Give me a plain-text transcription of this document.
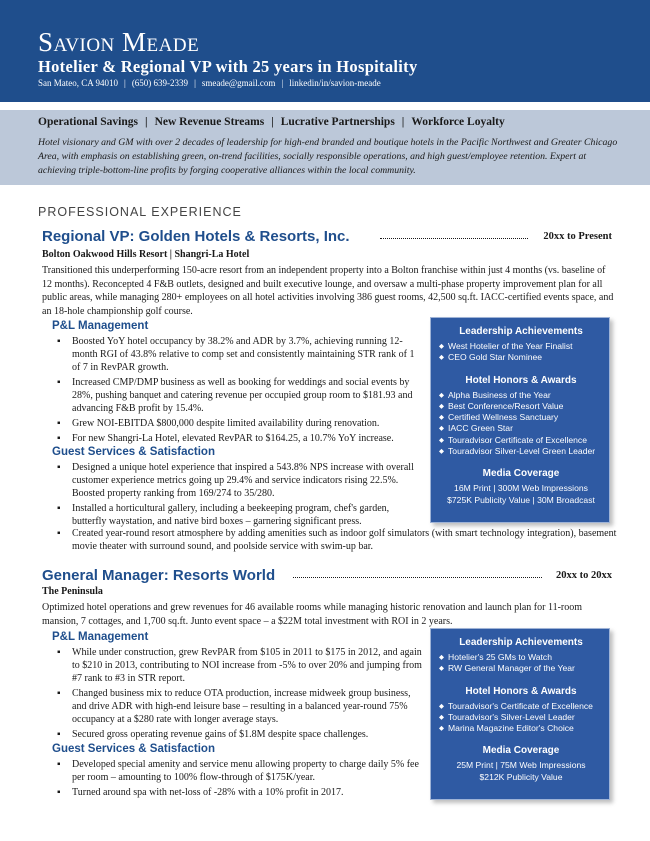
Savion Meade
Hotelier & Regional VP with 25 years in Hospitality
San Mateo, CA 94010 | (650) 639-2339 | smeade@gmail.com | linkedin/in/savion-meade
Operational Savings | New Revenue Streams | Lucrative Partnerships | Workforce Loyalty
Hotel visionary and GM with over 2 decades of leadership for high-end branded and boutique hotels in the Pacific Northwest and Greater Chicago Area, with emphasis on establishing green, on-trend facilities, socially responsible operations, and high guest/employee retention. Expert at achieving triple-bottom-line profits by forging cooperative alliances within the local community.
PROFESSIONAL EXPERIENCE
Regional VP: Golden Hotels & Resorts, Inc.	20xx to Present
Bolton Oakwood Hills Resort | Shangri-La Hotel
Transitioned this underperforming 150-acre resort from an independent property into a Bolton franchise within just 4 months (vs. baseline of 12 months). Reconcepted 4 F&B outlets, designed and built executive lounge, and oversaw a multi-phase property improvement plan for all public areas, while managing 280+ employees on all hotel activities involving 386 guest rooms, 42,500 sq.ft. IACC-certified events space, and an 18-hole championship golf course.
P&L Management
▪ Boosted YoY hotel occupancy by 38.2% and ADR by 3.7%, achieving running 12-month RGI of 43.8% relative to comp set and consistently maintaining STR rank of 1 of 7 in RevPAR growth.
▪ Increased CMP/DMP business as well as booking for weddings and social events by 28%, pushing banquet and catering revenue per occupied group room to $181.93 and advancing F&B profit by 15.4%.
▪ Grew NOI-EBITDA $800,000 despite limited availability during renovation.
▪ For new Shangri-La Hotel, elevated RevPAR to $164.25, a 10.7% YoY increase.
Guest Services & Satisfaction
▪ Designed a unique hotel experience that inspired a 543.8% NPS increase with overall customer experience metrics going up 29.4% and service indicators rising 22.5%. Boosted property ranking from 169/274 to 35/280.
▪ Installed a horticultural gallery, including a beekeeping program, chef's garden, butterfly waystation, and native bird boxes – garnering significant press.
▪ Created year-round resort atmosphere by adding amenities such as indoor golf simulators (with smart technology integration), basement movie theater with surround sound, and poolside service with swim-up bar.
Leadership Achievements
◆ West Hotelier of the Year Finalist
◆ CEO Gold Star Nominee
Hotel Honors & Awards
◆ Alpha Business of the Year
◆ Best Conference/Resort Value
◆ Certified Wellness Sanctuary
◆ IACC Green Star
◆ Touradvisor Certificate of Excellence
◆ Touradvisor Silver-Level Green Leader
Media Coverage
16M Print | 300M Web Impressions
$725K Publicity Value | 30M Broadcast
General Manager: Resorts World	20xx to 20xx
The Peninsula
Optimized hotel operations and grew revenues for 46 available rooms while managing historic renovation and launch plan for 11-room mansion, 7 cottages, and 1,700 sq.ft. Junto event space – a $22M total investment with ROI in 2 years.
P&L Management
▪ While under construction, grew RevPAR from $105 in 2011 to $175 in 2012, and again to $210 in 2013, contributing to NOI increase from -5% to over 20% and jumping from #7 rank to #3 in STR report.
▪ Changed business mix to reduce OTA production, increase midweek group business, and drive ADR with high-end leisure base – resulting in a balanced year-round 75% occupancy at a $280 rate with longer average stays.
▪ Secured gross operating revenue gains of $1.8M despite space challenges.
Guest Services & Satisfaction
▪ Developed special amenity and service menu allowing property to charge daily 5% fee per room – amounting to 100% flow-through of $175K/year.
▪ Turned around spa with net-loss of -28% with a 10% profit in 2017.
Leadership Achievements
◆ Hotelier's 25 GMs to Watch
◆ RW General Manager of the Year
Hotel Honors & Awards
◆ Touradvisor's Certificate of Excellence
◆ Touradvisor's Silver-Level Leader
◆ Marina Magazine Editor's Choice
Media Coverage
25M Print | 75M Web Impressions
$212K Publicity Value
